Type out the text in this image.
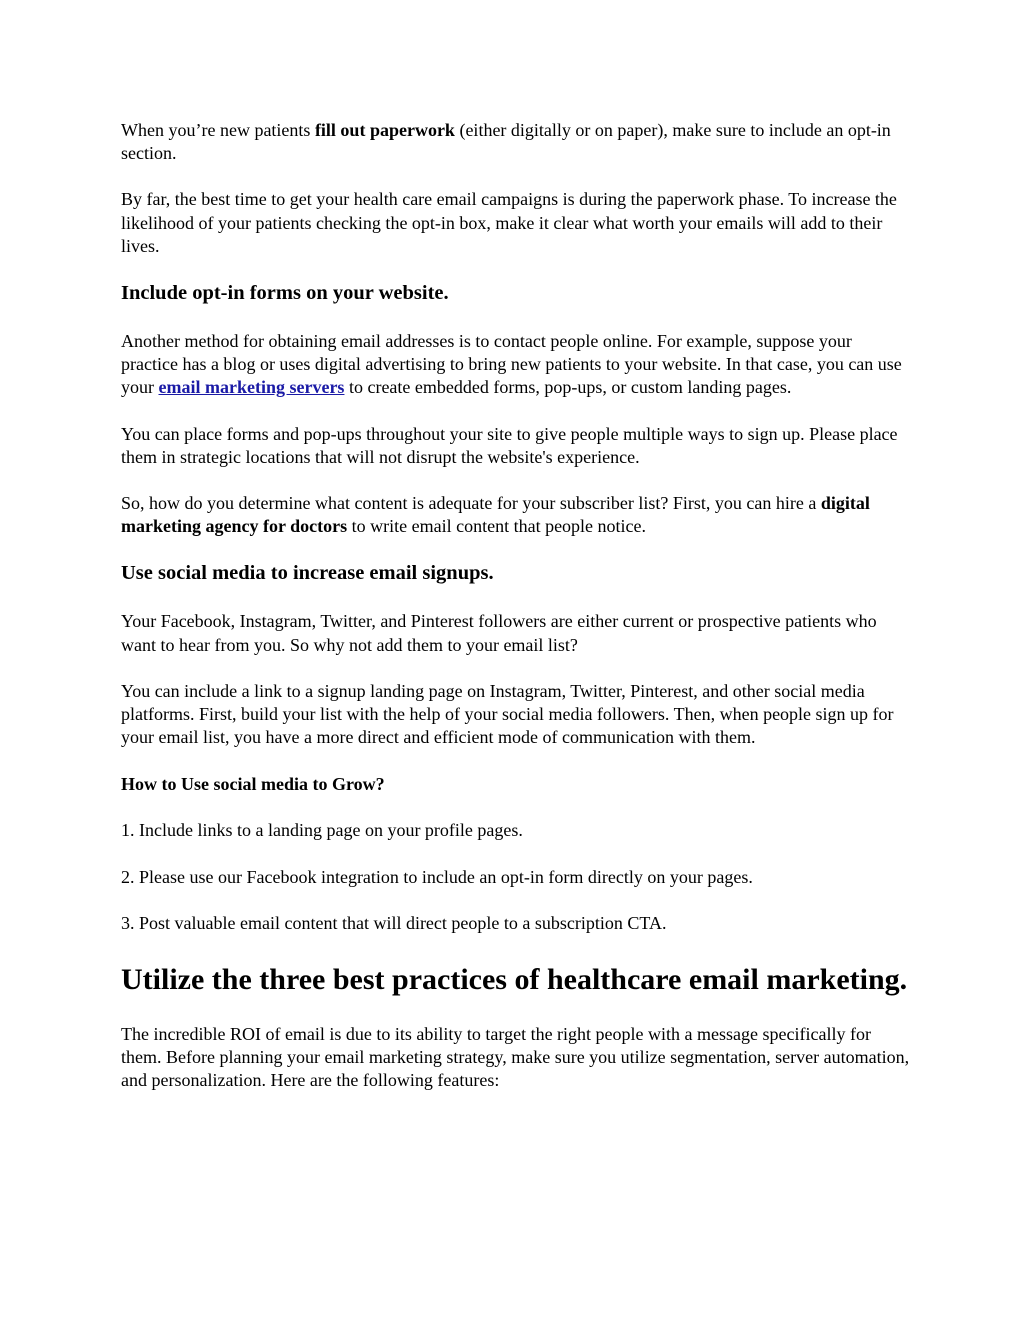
When you’re new patients fill out paperwork (either digitally or on paper), make sure to include an opt-in section.

By far, the best time to get your health care email campaigns is during the paperwork phase. To increase the likelihood of your patients checking the opt-in box, make it clear what worth your emails will add to their lives.

Include opt-in forms on your website.

Another method for obtaining email addresses is to contact people online. For example, suppose your practice has a blog or uses digital advertising to bring new patients to your website. In that case, you can use your email marketing servers to create embedded forms, pop-ups, or custom landing pages.

You can place forms and pop-ups throughout your site to give people multiple ways to sign up. Please place them in strategic locations that will not disrupt the website's experience.

So, how do you determine what content is adequate for your subscriber list? First, you can hire a digital marketing agency for doctors to write email content that people notice.

Use social media to increase email signups.

Your Facebook, Instagram, Twitter, and Pinterest followers are either current or prospective patients who want to hear from you. So why not add them to your email list?

You can include a link to a signup landing page on Instagram, Twitter, Pinterest, and other social media platforms. First, build your list with the help of your social media followers. Then, when people sign up for your email list, you have a more direct and efficient mode of communication with them.

How to Use social media to Grow?

1. Include links to a landing page on your profile pages.

2. Please use our Facebook integration to include an opt-in form directly on your pages.

3. Post valuable email content that will direct people to a subscription CTA.

Utilize the three best practices of healthcare email marketing.

The incredible ROI of email is due to its ability to target the right people with a message specifically for them. Before planning your email marketing strategy, make sure you utilize segmentation, server automation, and personalization. Here are the following features:
